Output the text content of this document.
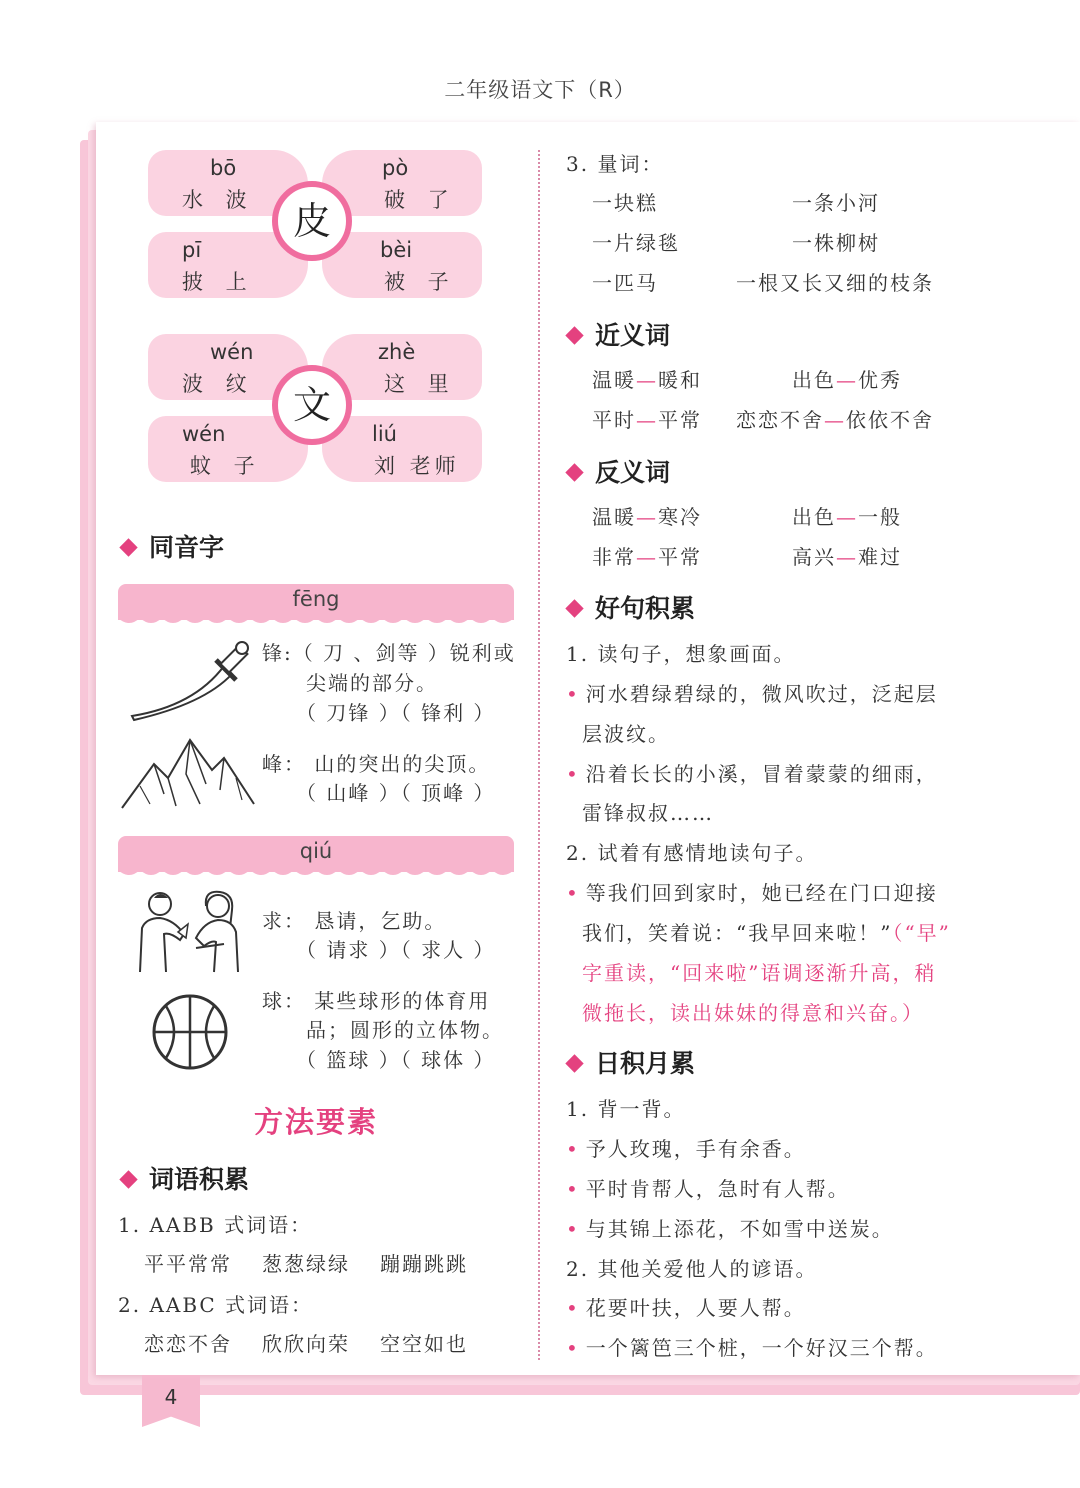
二年级语文下（R）
4
bō
水 波
pò
破 了
pī
披 上
bèi
被 子
皮
wén
波 纹
zhè
这 里
wén
蚊 子
liú
刘 老师
文
同音字
fēng
锋:（ 刀 、剑等 ）锐利或
尖端的部分。
（ 刀锋 ）（ 锋利 ）
峰： 山的突出的尖顶。
（ 山峰 ）（ 顶峰 ）
qiú
求： 恳请，乞助。
（ 请求 ）（ 求人 ）
球： 某些球形的体育用
品；圆形的立体物。
（ 篮球 ）（ 球体 ）
方法要素
词语积累
1. AABB 式词语：
平平常常 葱葱绿绿 蹦蹦跳跳
2. AABC 式词语：
恋恋不舍 欣欣向荣 空空如也
3. 量词：
一块糕	一条小河
一片绿毯	一株柳树
一匹马	一根又长又细的枝条
近义词
温暖—暖和	出色—优秀
平时—平常 恋恋不舍—依依不舍
反义词
温暖—寒冷	出色—一般
非常—平常	高兴—难过
好句积累
1. 读句子，想象画面。
• 河水碧绿碧绿的，微风吹过，泛起层
层波纹。
• 沿着长长的小溪，冒着蒙蒙的细雨，
雷锋叔叔……
2. 试着有感情地读句子。
• 等我们回到家时，她已经在门口迎接
我们，笑着说：“我早回来啦！”（“早”
字重读，“回来啦”语调逐渐升高，稍
微拖长，读出妹妹的得意和兴奋。）
日积月累
1. 背一背。
• 予人玫瑰，手有余香。
• 平时肯帮人，急时有人帮。
• 与其锦上添花，不如雪中送炭。
2. 其他关爱他人的谚语。
• 花要叶扶，人要人帮。
• 一个篱笆三个桩，一个好汉三个帮。
